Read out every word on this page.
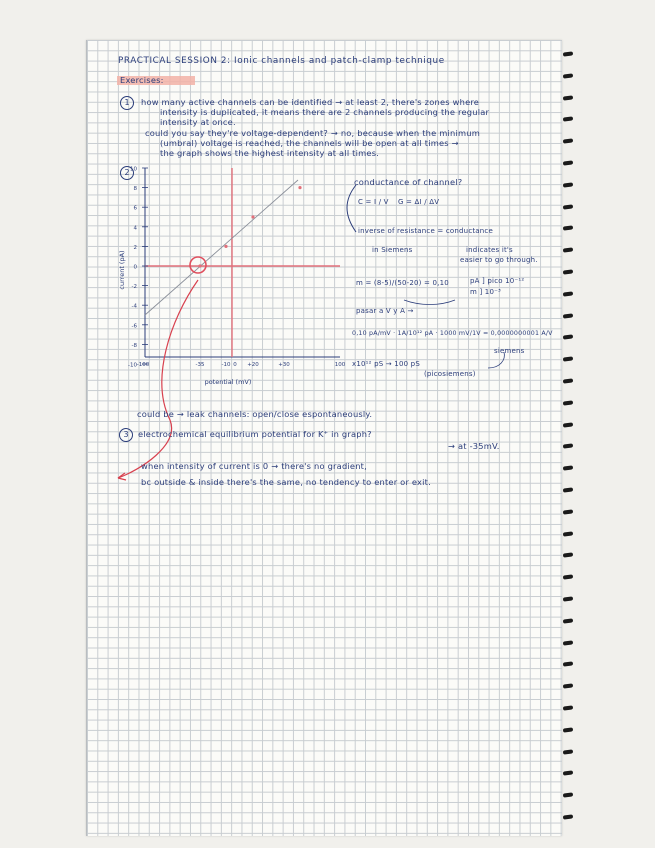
PRACTICAL SESSION 2: Ionic channels and patch-clamp technique
Exercises:
1	how many active channels can be identified → at least 2, there's zones where
intensity is duplicated, it means there are 2 channels producing the regular
intensity at once.
could you say they're voltage-dependent? → no, because when the minimum
(umbral) voltage is reached, the channels will be open at all times →
the graph shows the highest intensity at all times.
2 10
8
6
4
2
0
-2
-4
-6
-8
-10 -100	-35	-10 0 +20	+30	100
potential (mV)
current (pA)
conductance of channel?
C = I / V G = ΔI / ΔV
inverse of resistance = conductance
in Siemens	indicates it's
easier to go through.
m = (8-5)/(50-20) = 0,10	pA ] pico 10⁻¹²
m ] 10⁻³
pasar a V y A →
0,10 pA/mV · 1A/10¹² pA · 1000 mV/1V = 0,0000000001 A/V
siemens
x10¹² pS → 100 pS
(picosiemens)
could be → leak channels: open/close espontaneously.
3	electrochemical equilibrium potential for K⁺ in graph?
→ at -35mV.
when intensity of current is 0 → there's no gradient,
bc outside & inside there's the same, no tendency to enter or exit.
